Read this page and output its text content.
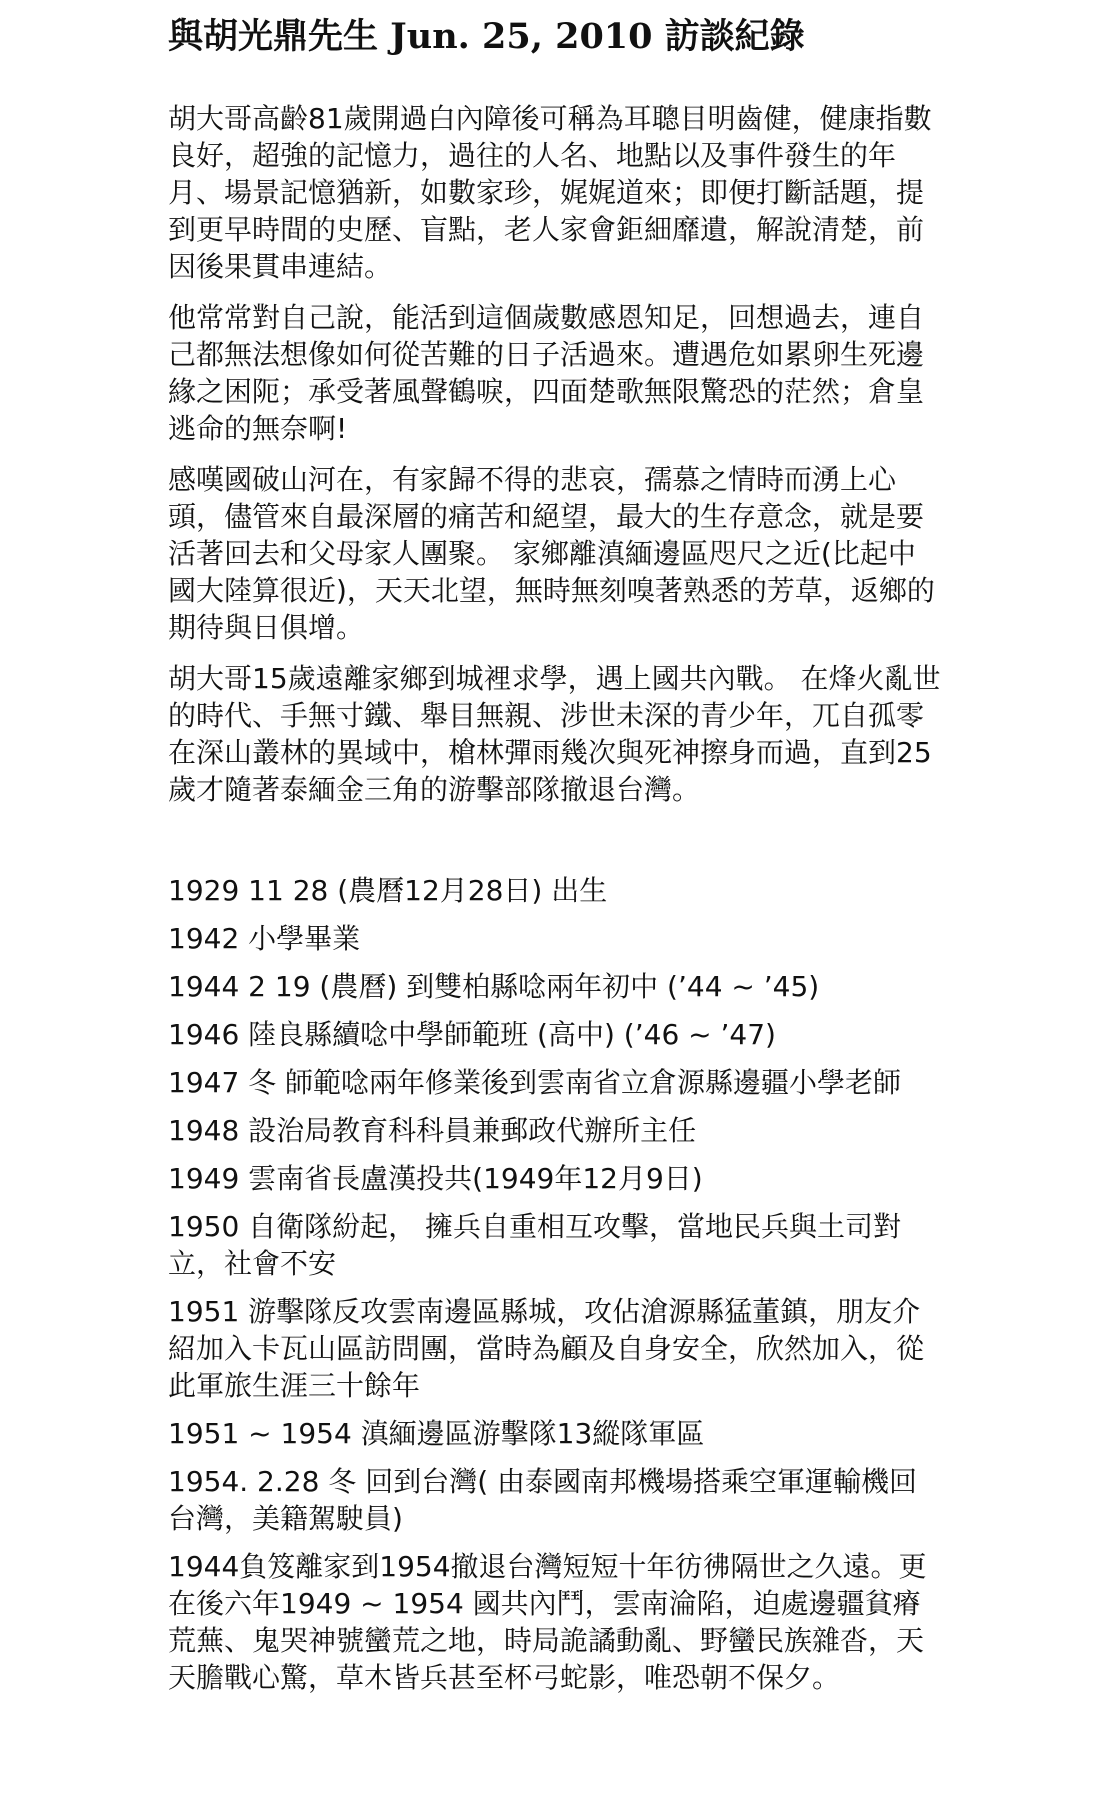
與胡光鼎先生 Jun. 25, 2010 訪談紀錄

胡大哥高齡81歲開過白內障後可稱為耳聰目明齒健，健康指數良好，超強的記憶力，過往的人名、地點以及事件發生的年月、場景記憶猶新，如數家珍，娓娓道來；即便打斷話題，提到更早時間的史歷、盲點，老人家會鉅細靡遺，解說清楚，前因後果貫串連結。

他常常對自己說，能活到這個歲數感恩知足，回想過去，連自己都無法想像如何從苦難的日子活過來。遭遇危如累卵生死邊緣之困阨；承受著風聲鶴唳，四面楚歌無限驚恐的茫然；倉皇逃命的無奈啊!

感嘆國破山河在，有家歸不得的悲哀，孺慕之情時而湧上心頭，儘管來自最深層的痛苦和絕望，最大的生存意念，就是要活著回去和父母家人團聚。 家鄉離滇緬邊區咫尺之近(比起中國大陸算很近)，天天北望，無時無刻嗅著熟悉的芳草，返鄉的期待與日俱增。

胡大哥15歲遠離家鄉到城裡求學，遇上國共內戰。 在烽火亂世的時代、手無寸鐵、舉目無親、涉世未深的青少年，兀自孤零在深山叢林的異域中，槍林彈雨幾次與死神擦身而過，直到25歲才隨著泰緬金三角的游擊部隊撤退台灣。

1929 11 28 (農曆12月28日) 出生

1942 小學畢業

1944 2 19 (農曆) 到雙柏縣唸兩年初中 (’44 ~ ’45)

1946 陸良縣續唸中學師範班 (高中) (’46 ~ ’47)

1947 冬 師範唸兩年修業後到雲南省立倉源縣邊疆小學老師

1948 設治局教育科科員兼郵政代辦所主任

1949 雲南省長盧漢投共(1949年12月9日)

1950 自衛隊紛起， 擁兵自重相互攻擊，當地民兵與土司對立，社會不安

1951 游擊隊反攻雲南邊區縣城，攻佔滄源縣猛董鎮，朋友介紹加入卡瓦山區訪問團，當時為顧及自身安全，欣然加入，從此軍旅生涯三十餘年

1951 ~ 1954 滇緬邊區游擊隊13縱隊軍區

1954. 2.28 冬 回到台灣( 由泰國南邦機場搭乘空軍運輸機回台灣，美籍駕駛員)

1944負笈離家到1954撤退台灣短短十年彷彿隔世之久遠。更在後六年1949 ~ 1954 國共內鬥，雲南淪陷，迫處邊疆貧瘠荒蕪、鬼哭神號蠻荒之地，時局詭譎動亂、野蠻民族雜沓，天天膽戰心驚，草木皆兵甚至杯弓蛇影，唯恐朝不保夕。
